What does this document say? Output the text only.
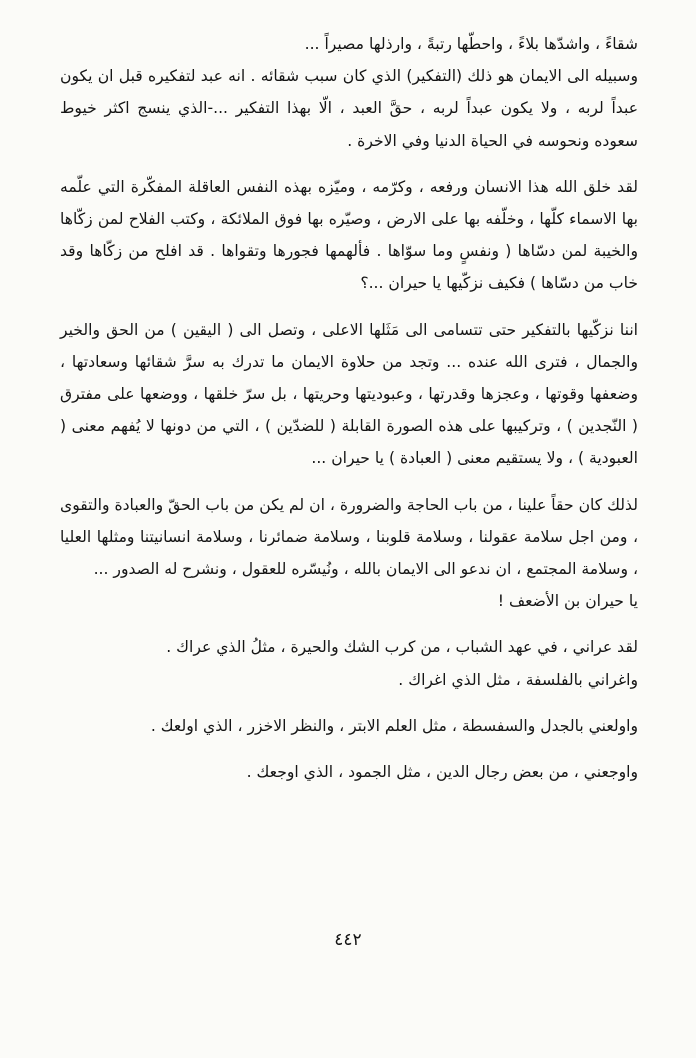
شقاءً ، واشدّها بلاءً ، واحطّها رتبةً ، وارذلها مصيراً ...

وسبيله الى الايمان هو ذلك (التفكير) الذي كان سبب شقائه . انه عبد لتفكيره قبل ان يكون عبداً لربه ، ولا يكون عبداً لربه ، حقَّ العبد ، الّا بهذا التفكير ...-الذي ينسج اكثر خيوط سعوده ونحوسه في الحياة الدنيا وفي الاخرة .

لقد خلق الله هذا الانسان ورفعه ، وكرّمه ، وميّزه بهذه النفس العاقلة المفكّرة التي علّمه بها الاسماء كلّها ، وخلّفه بها على الارض ، وصيّره بها فوق الملائكة ، وكتب الفلاح لمن زكّاها والخيبة لمن دسّاها ( ونفسٍ وما سوّاها . فألهمها فجورها وتقواها . قد افلح من زكّاها وقد خاب من دسّاها ) فكيف نزكّيها يا حيران ...؟

اننا نزكّيها بالتفكير حتى تتسامى الى مَثَلها الاعلى ، وتصل الى ( اليقين ) من الحق والخير والجمال ، فترى الله عنده ... وتجد من حلاوة الايمان ما تدرك به سرَّ شقائها وسعادتها ، وضعفها وقوتها ، وعجزها وقدرتها ، وعبوديتها وحريتها ، بل سرّ خلقها ، ووضعها على مفترق ( النّجدين ) ، وتركيبها على هذه الصورة القابلة ( للضدّين ) ، التي من دونها لا يُفهم معنى ( العبودية ) ، ولا يستقيم معنى ( العبادة ) يا حيران ...

لذلك كان حقاً علينا ، من باب الحاجة والضرورة ، ان لم يكن من باب الحقّ والعبادة والتقوى ، ومن اجل سلامة عقولنا ، وسلامة قلوبنا ، وسلامة ضمائرنا ، وسلامة انسانيتنا ومثلها العليا ، وسلامة المجتمع ، ان ندعو الى الايمان بالله ، ونُيسّره للعقول ، ونشرح له الصدور ...

يا حيران بن الأضعف !

لقد عراني ، في عهد الشباب ، من كرب الشك والحيرة ، مثلُ الذي عراك .

واغراني بالفلسفة ، مثل الذي اغراك .

واولعني بالجدل والسفسطة ، مثل العلم الابتر ، والنظر الاخزر ، الذي اولعك .

واوجعني ، من بعض رجال الدين ، مثل الجمود ، الذي اوجعك .

٤٤٢
